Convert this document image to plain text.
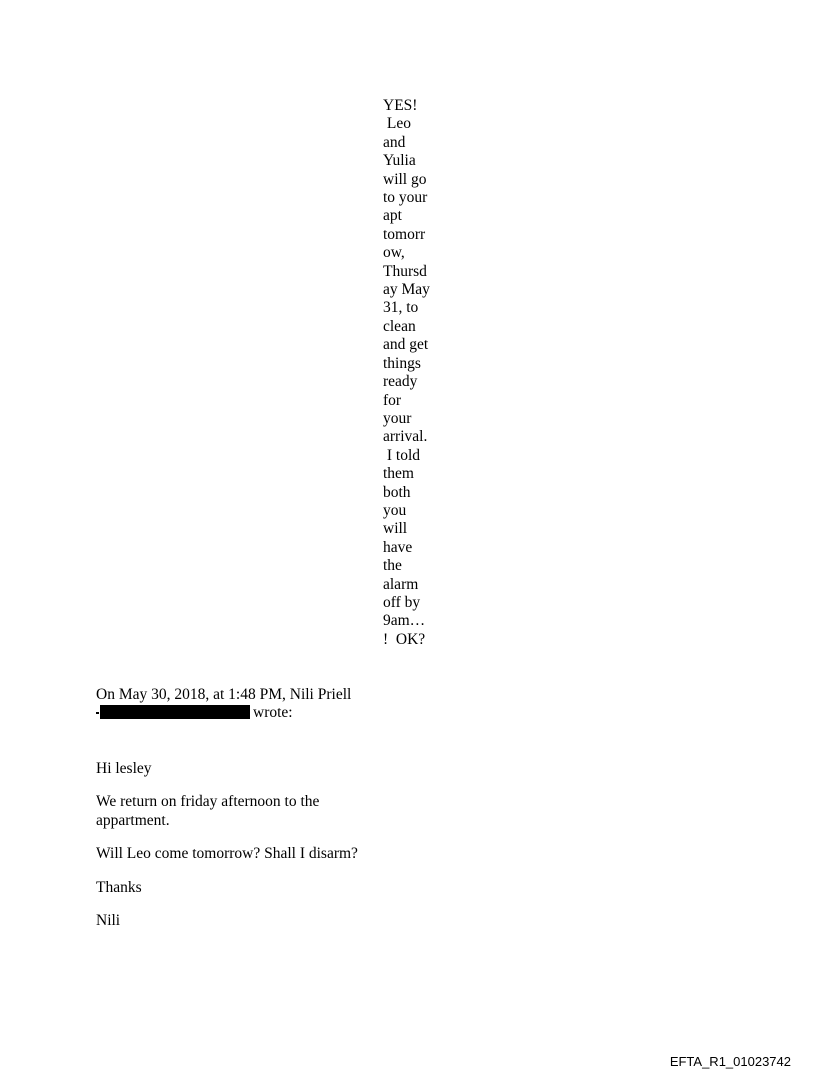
YES!
Leo
and
Yulia
will go
to your
apt
tomorr
ow,
Thursd
ay May
31, to
clean
and get
things
ready
for
your
arrival.
I told
them
both
you
will
have
the
alarm
off by
9am…
!  OK?
On May 30, 2018, at 1:48 PM, Nili Priell
wrote:
Hi lesley
We return on friday afternoon to the appartment.
Will Leo come tomorrow? Shall I disarm?
Thanks
Nili
EFTA_R1_01023742
